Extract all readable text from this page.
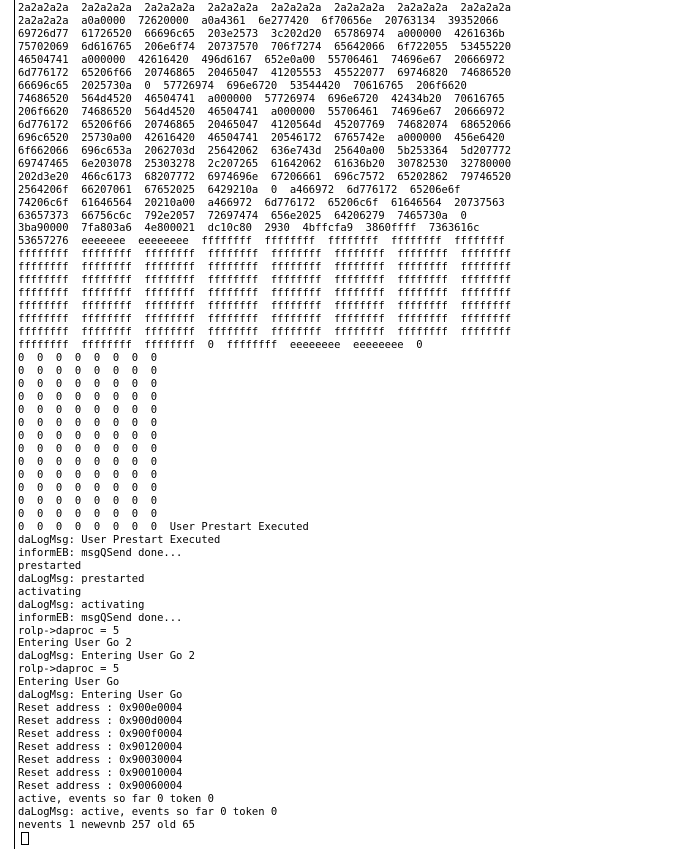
2a2a2a2a  2a2a2a2a  2a2a2a2a  2a2a2a2a  2a2a2a2a  2a2a2a2a  2a2a2a2a  2a2a2a2a
2a2a2a2a  a0a0000  72620000  a0a4361  6e277420  6f70656e  20763134  39352066
69726d77  61726520  66696c65  203e2573  3c202d20  65786974  a000000  4261636b
75702069  6d616765  206e6f74  20737570  706f7274  65642066  6f722055  53455220
46504741  a000000  42616420  496d6167  652e0a00  55706461  74696e67  20666972
6d776172  65206f66  20746865  20465047  41205553  45522077  69746820  74686520
66696c65  2025730a  0  57726974  696e6720  53544420  70616765  206f6620
74686520  564d4520  46504741  a000000  57726974  696e6720  42434b20  70616765
206f6620  74686520  564d4520  46504741  a000000  55706461  74696e67  20666972
6d776172  65206f66  20746865  20465047  4120564d  45207769  74682074  68652066
696c6520  25730a00  42616420  46504741  20546172  6765742e  a000000  456e6420
6f662066  696c653a  2062703d  25642062  636e743d  25640a00  5b253364  5d207772
69747465  6e203078  25303278  2c207265  61642062  61636b20  30782530  32780000
202d3e20  466c6173  68207772  6974696e  67206661  696c7572  65202862  79746520
2564206f  66207061  67652025  6429210a  0  a466972  6d776172  65206e6f
74206c6f  61646564  20210a00  a466972  6d776172  65206c6f  61646564  20737563
63657373  66756c6c  792e2057  72697474  656e2025  64206279  7465730a  0
3ba90000  7fa803a6  4e800021  dc10c80  2930  4bffcfa9  3860ffff  7363616c
53657276  eeeeeee  eeeeeeee  ffffffff  ffffffff  ffffffff  ffffffff  ffffffff
ffffffff  ffffffff  ffffffff  ffffffff  ffffffff  ffffffff  ffffffff  ffffffff
ffffffff  ffffffff  ffffffff  ffffffff  ffffffff  ffffffff  ffffffff  ffffffff
ffffffff  ffffffff  ffffffff  ffffffff  ffffffff  ffffffff  ffffffff  ffffffff
ffffffff  ffffffff  ffffffff  ffffffff  ffffffff  ffffffff  ffffffff  ffffffff
ffffffff  ffffffff  ffffffff  ffffffff  ffffffff  ffffffff  ffffffff  ffffffff
ffffffff  ffffffff  ffffffff  ffffffff  ffffffff  ffffffff  ffffffff  ffffffff
ffffffff  ffffffff  ffffffff  ffffffff  ffffffff  ffffffff  ffffffff  ffffffff
ffffffff  ffffffff  ffffffff  0  ffffffff  eeeeeeee  eeeeeeee  0
0  0  0  0  0  0  0  0
0  0  0  0  0  0  0  0
0  0  0  0  0  0  0  0
0  0  0  0  0  0  0  0
0  0  0  0  0  0  0  0
0  0  0  0  0  0  0  0
0  0  0  0  0  0  0  0
0  0  0  0  0  0  0  0
0  0  0  0  0  0  0  0
0  0  0  0  0  0  0  0
0  0  0  0  0  0  0  0
0  0  0  0  0  0  0  0
0  0  0  0  0  0  0  0
0  0  0  0  0  0  0  0  User Prestart Executed
daLogMsg: User Prestart Executed
informEB: msgQSend done...
prestarted
daLogMsg: prestarted
activating
daLogMsg: activating
informEB: msgQSend done...
rolp->daproc = 5
Entering User Go 2
daLogMsg: Entering User Go 2
rolp->daproc = 5
Entering User Go
daLogMsg: Entering User Go
Reset address : 0x900e0004
Reset address : 0x900d0004
Reset address : 0x900f0004
Reset address : 0x90120004
Reset address : 0x90030004
Reset address : 0x90010004
Reset address : 0x90060004
active, events so far 0 token 0
daLogMsg: active, events so far 0 token 0
nevents 1 newevnb 257 old 65
